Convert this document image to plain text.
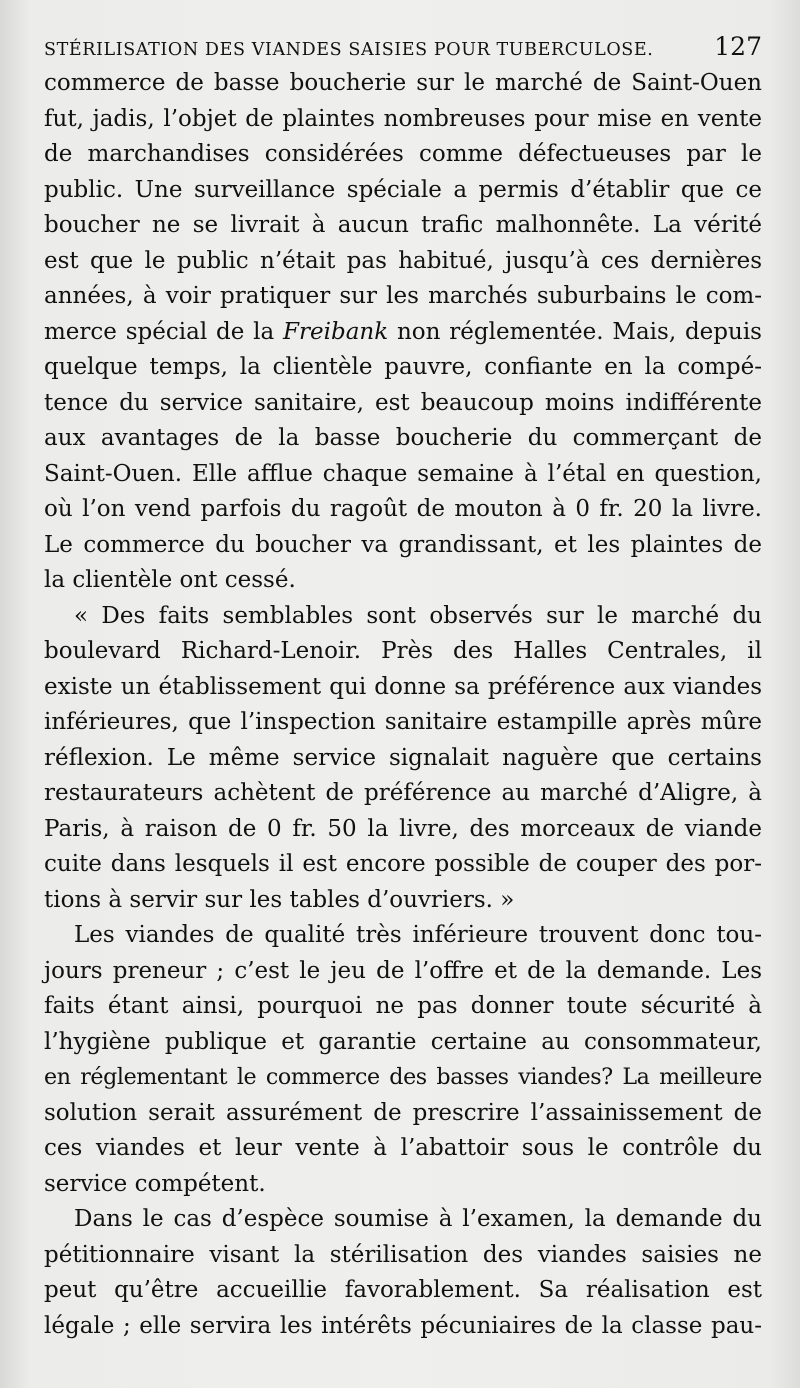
STÉRILISATION DES VIANDES SAISIES POUR TUBERCULOSE. 127
commerce de basse boucherie sur le marché de Saint-Ouen
fut, jadis, l’objet de plaintes nombreuses pour mise en vente
de marchandises considérées comme défectueuses par le
public. Une surveillance spéciale a permis d’établir que ce
boucher ne se livrait à aucun trafic malhonnête. La vérité
est que le public n’était pas habitué, jusqu’à ces dernières
années, à voir pratiquer sur les marchés suburbains le com-
merce spécial de la Freibank non réglementée. Mais, depuis
quelque temps, la clientèle pauvre, confiante en la compé-
tence du service sanitaire, est beaucoup moins indifférente
aux avantages de la basse boucherie du commerçant de
Saint-Ouen. Elle afflue chaque semaine à l’étal en question,
où l’on vend parfois du ragoût de mouton à 0 fr. 20 la livre.
Le commerce du boucher va grandissant, et les plaintes de
la clientèle ont cessé.
« Des faits semblables sont observés sur le marché du
boulevard Richard-Lenoir. Près des Halles Centrales, il
existe un établissement qui donne sa préférence aux viandes
inférieures, que l’inspection sanitaire estampille après mûre
réflexion. Le même service signalait naguère que certains
restaurateurs achètent de préférence au marché d’Aligre, à
Paris, à raison de 0 fr. 50 la livre, des morceaux de viande
cuite dans lesquels il est encore possible de couper des por-
tions à servir sur les tables d’ouvriers. »
Les viandes de qualité très inférieure trouvent donc tou-
jours preneur ; c’est le jeu de l’offre et de la demande. Les
faits étant ainsi, pourquoi ne pas donner toute sécurité à
l’hygiène publique et garantie certaine au consommateur,
en réglementant le commerce des basses viandes? La meilleure
solution serait assurément de prescrire l’assainissement de
ces viandes et leur vente à l’abattoir sous le contrôle du
service compétent.
Dans le cas d’espèce soumise à l’examen, la demande du
pétitionnaire visant la stérilisation des viandes saisies ne
peut qu’être accueillie favorablement. Sa réalisation est
légale ; elle servira les intérêts pécuniaires de la classe pau-
